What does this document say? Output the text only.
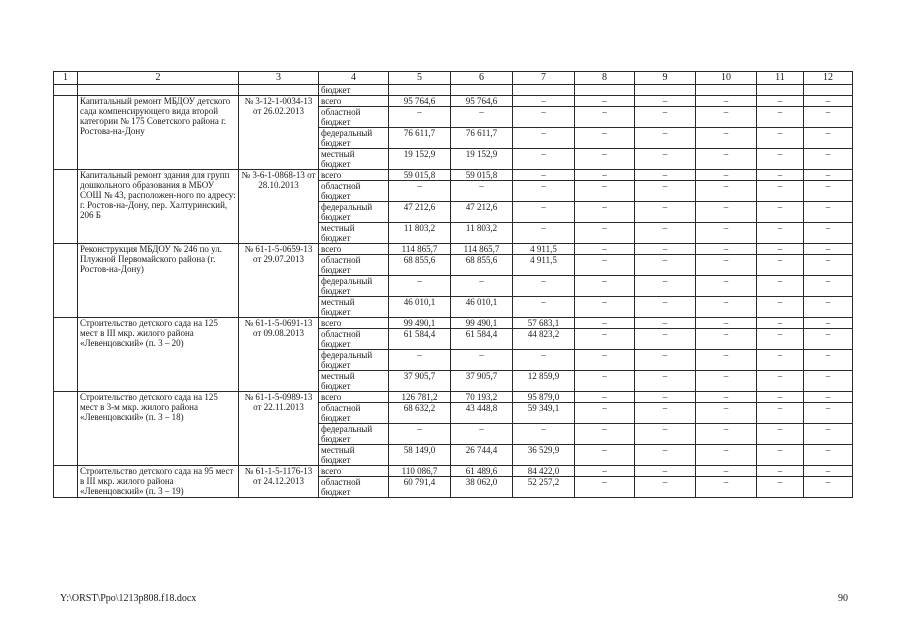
1	2	3	4	5	6	7	8	9	10	11	12
			бюджет								
	Капитальный ремонт МБДОУ детского сада компенсирующего вида второй категории № 175 Советского района г. Ростова-на-Дону	№ 3-12-1-0034-13 от 26.02.2013	всего	95 764,6	95 764,6	–	–	–	–	–	–
			областной бюджет	–	–	–	–	–	–	–	–
			федеральный бюджет	76 611,7	76 611,7	–	–	–	–	–	–
			местный бюджет	19 152,9	19 152,9	–	–	–	–	–	–
	Капитальный ремонт здания для групп дошкольного образования в МБОУ СОШ № 43, расположен-ного по адресу: г. Ростов-на-Дону, пер. Халтуринский, 206 Б	№ 3-6-1-0868-13 от 28.10.2013	всего	59 015,8	59 015,8	–	–	–	–	–	–
			областной бюджет	–	–	–	–	–	–	–	–
			федеральный бюджет	47 212,6	47 212,6	–	–	–	–	–	–
			местный бюджет	11 803,2	11 803,2	–	–	–	–	–	–
	Реконструкция МБДОУ № 246 по ул. Плужной Первомайского района (г. Ростов-на-Дону)	№ 61-1-5-0659-13 от 29.07.2013	всего	114 865,7	114 865,7	4 911,5	–	–	–	–	–
			областной бюджет	68 855,6	68 855,6	4 911,5	–	–	–	–	–
			федеральный бюджет	–	–	–	–	–	–	–	–
			местный бюджет	46 010,1	46 010,1	–	–	–	–	–	–
	Строительство детского сада на 125 мест в III мкр. жилого района «Левенцовский» (п. 3 – 20)	№ 61-1-5-0691-13 от 09.08.2013	всего	99 490,1	99 490,1	57 683,1	–	–	–	–	–
			областной бюджет	61 584,4	61 584,4	44 823,2	–	–	–	–	–
			федеральный бюджет	–	–	–	–	–	–	–	–
			местный бюджет	37 905,7	37 905,7	12 859,9	–	–	–	–	–
	Строительство детского сада на 125 мест в 3-м мкр. жилого района «Левенцовский» (п. 3 – 18)	№ 61-1-5-0989-13 от 22.11.2013	всего	126 781,2	70 193,2	95 879,0	–	–	–	–	–
			областной бюджет	68 632,2	43 448,8	59 349,1	–	–	–	–	–
			федеральный бюджет	–	–	–	–	–	–	–	–
			местный бюджет	58 149,0	26 744,4	36 529,9	–	–	–	–	–
	Строительство детского сада на 95 мест в III мкр. жилого района «Левенцовский» (п. 3 – 19)	№ 61-1-5-1176-13 от 24.12.2013	всего	110 086,7	61 489,6	84 422,0	–	–	–	–	–
			областной бюджет	60 791,4	38 062,0	52 257,2	–	–	–	–	–
Y:\ORST\Ppo\1213p808.f18.docx	90
